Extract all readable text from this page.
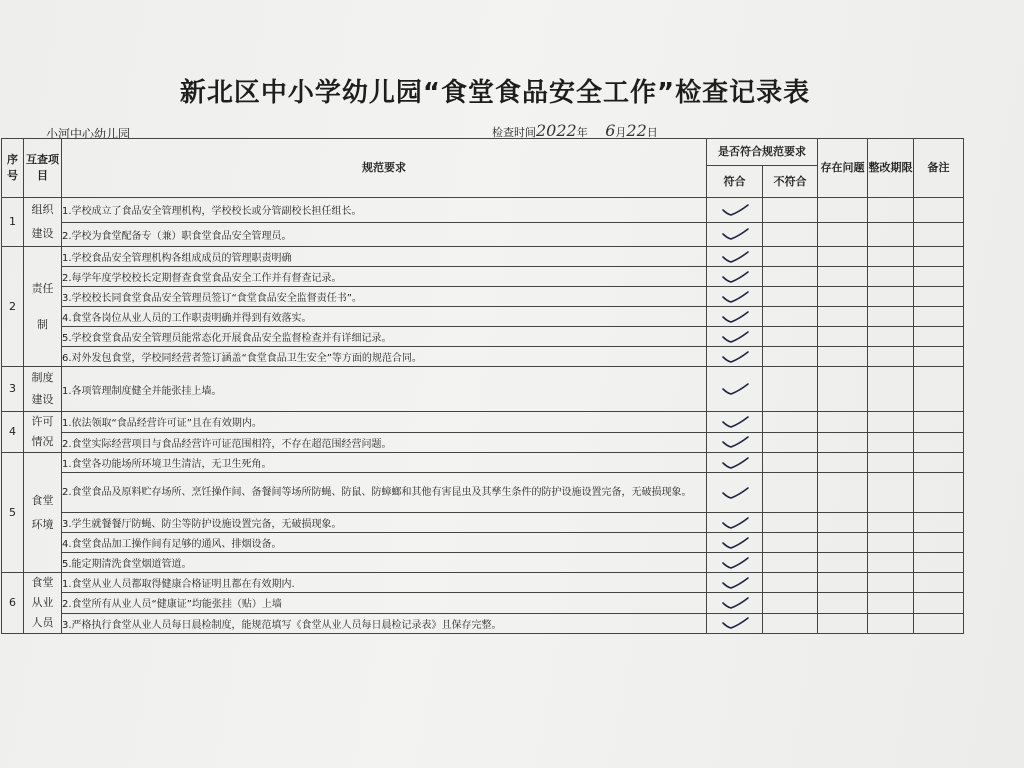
新北区中小学幼儿园“食堂食品安全工作”检查记录表
小河中心幼儿园	检查时间2022年 6月22日
序号	互查项目	规范要求	是否符合规范要求		存在问题	整改期限	备注
			符合	不符合			
1	组织建设	1.学校成立了食品安全管理机构，学校校长或分管副校长担任组长。	

		2.学校为食堂配备专（兼）职食堂食品安全管理员。	

2	责任制	1.学校食品安全管理机构各组成成员的管理职责明确	

		2.每学年度学校校长定期督查食堂食品安全工作并有督查记录。	

		3.学校校长同食堂食品安全管理员签订“食堂食品安全监督责任书”。	

		4.食堂各岗位从业人员的工作职责明确并得到有效落实。	

		5.学校食堂食品安全管理员能常态化开展食品安全监督检查并有详细记录。	

		6.对外发包食堂，学校同经营者签订涵盖“食堂食品卫生安全”等方面的规范合同。	

3	制度建设	1.各项管理制度健全并能张挂上墙。	

4	许可情况	1.依法领取“食品经营许可证”且在有效期内。	

		2.食堂实际经营项目与食品经营许可证范围相符，不存在超范围经营问题。	

5	食堂环境	1.食堂各功能场所环境卫生清洁，无卫生死角。	

		2.食堂食品及原料贮存场所、烹饪操作间、备餐间等场所防蝇、防鼠、防蟑螂和其他有害昆虫及其孳生条件的防护设施设置完备，无破损现象。	

		3.学生就餐餐厅防蝇、防尘等防护设施设置完备，无破损现象。	

		4.食堂食品加工操作间有足够的通风、排烟设备。	

		5.能定期清洗食堂烟道管道。	

6	食堂从业人员	1.食堂从业人员都取得健康合格证明且都在有效期内.	

		2.食堂所有从业人员“健康证”均能张挂（贴）上墙	

		3.严格执行食堂从业人员每日晨检制度，能规范填写《食堂从业人员每日晨检记录表》且保存完整。	
